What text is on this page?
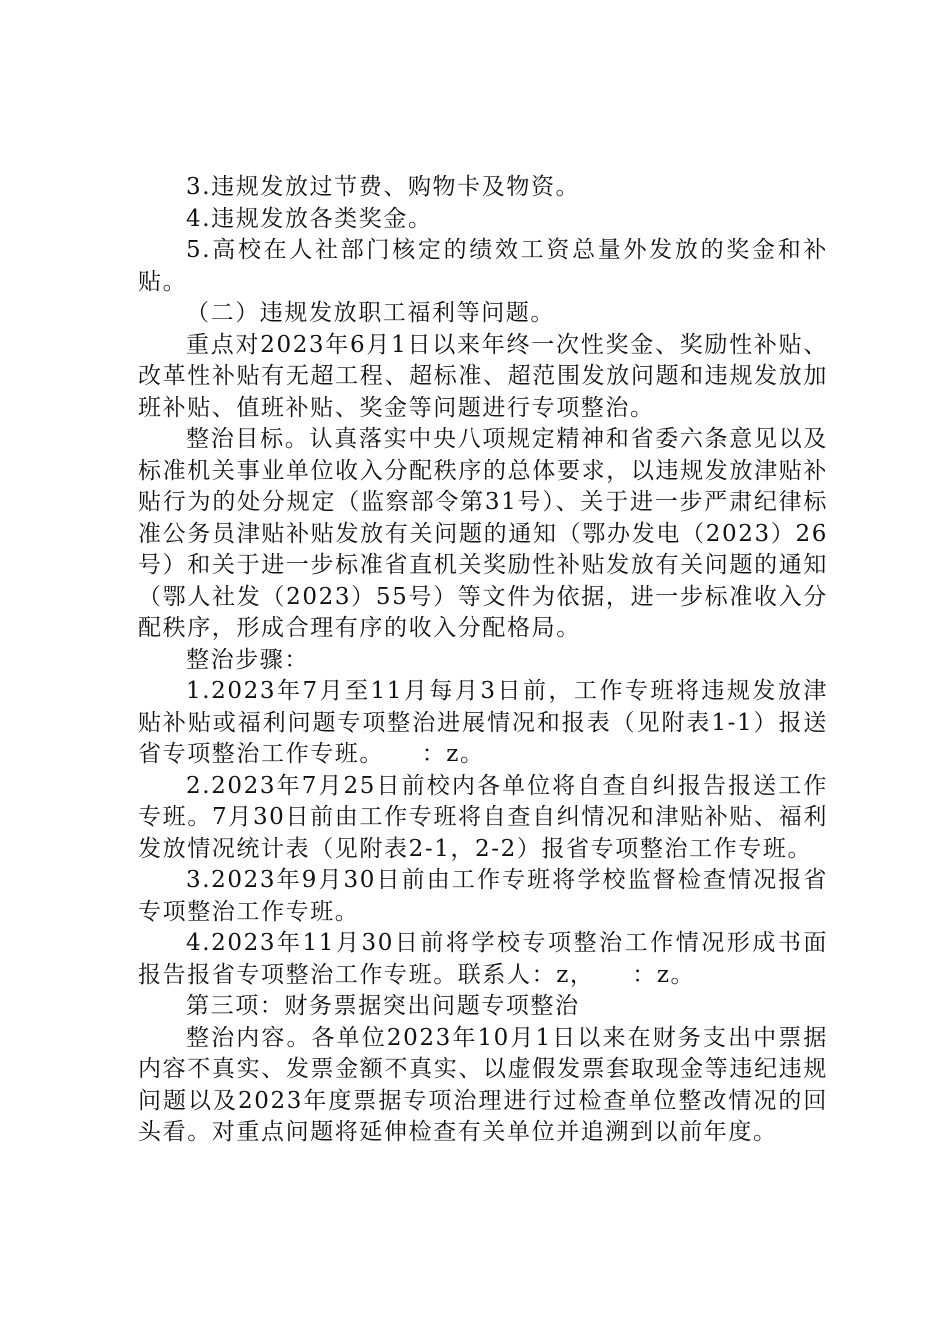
3.违规发放过节费、购物卡及物资。

4.违规发放各类奖金。

5.高校在人社部门核定的绩效工资总量外发放的奖金和补贴。

（二）违规发放职工福利等问题。

重点对2023年6月1日以来年终一次性奖金、奖励性补贴、改革性补贴有无超工程、超标准、超范围发放问题和违规发放加班补贴、值班补贴、奖金等问题进行专项整治。

整治目标。认真落实中央八项规定精神和省委六条意见以及标准机关事业单位收入分配秩序的总体要求，以违规发放津贴补贴行为的处分规定（监察部令第31号）、关于进一步严肃纪律标准公务员津贴补贴发放有关问题的通知（鄂办发电（2023）26号）和关于进一步标准省直机关奖励性补贴发放有关问题的通知（鄂人社发（2023）55号）等文件为依据，进一步标准收入分配秩序，形成合理有序的收入分配格局。

整治步骤：

1.2023年7月至11月每月3日前，工作专班将违规发放津贴补贴或福利问题专项整治进展情况和报表（见附表1-1）报送省专项整治工作专班。　　：z。

2.2023年7月25日前校内各单位将自查自纠报告报送工作专班。7月30日前由工作专班将自查自纠情况和津贴补贴、福利发放情况统计表（见附表2-1，2-2）报省专项整治工作专班。

3.2023年9月30日前由工作专班将学校监督检查情况报省专项整治工作专班。

4.2023年11月30日前将学校专项整治工作情况形成书面报告报省专项整治工作专班。联系人：z，　　：z。

第三项：财务票据突出问题专项整治

整治内容。各单位2023年10月1日以来在财务支出中票据内容不真实、发票金额不真实、以虚假发票套取现金等违纪违规问题以及2023年度票据专项治理进行过检查单位整改情况的回头看。对重点问题将延伸检查有关单位并追溯到以前年度。
